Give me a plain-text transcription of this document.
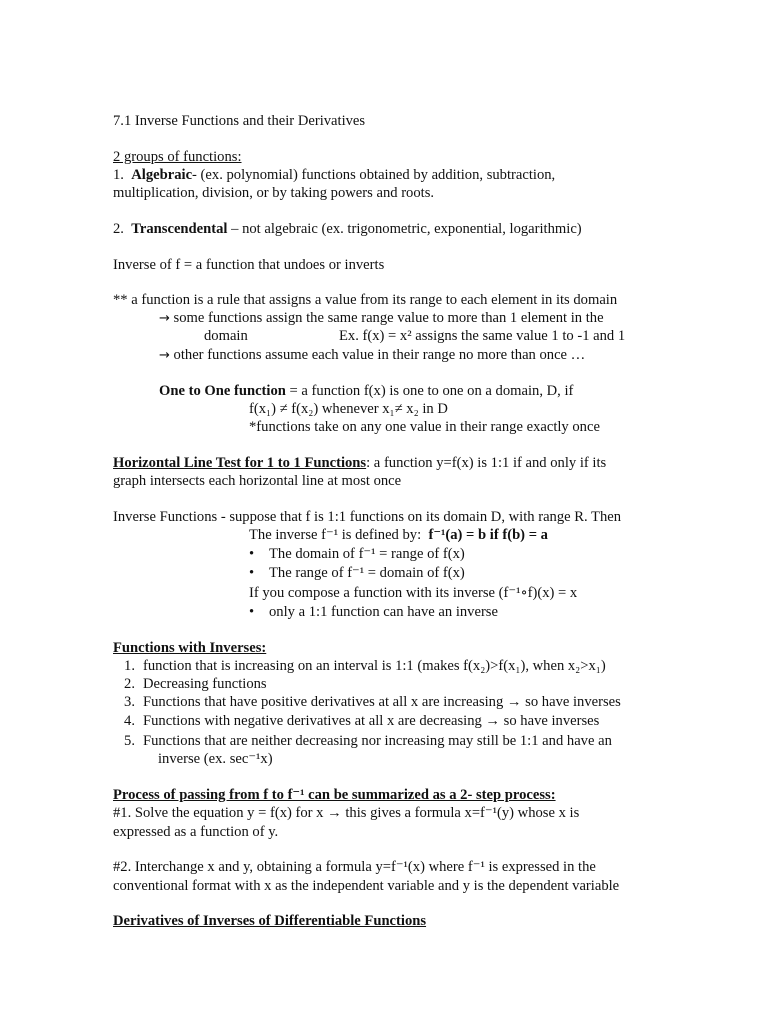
7.1 Inverse Functions and their Derivatives
2 groups of functions:
1. Algebraic- (ex. polynomial) functions obtained by addition, subtraction,
multiplication, division, or by taking powers and roots.
2. Transcendental – not algebraic (ex. trigonometric, exponential, logarithmic)
Inverse of f = a function that undoes or inverts
** a function is a rule that assigns a value from its range to each element in its domain
→ some functions assign the same range value to more than 1 element in the
domain	Ex. f(x) = x² assigns the same value 1 to -1 and 1
→ other functions assume each value in their range no more than once …
One to One function = a function f(x) is one to one on a domain, D, if
f(x₁) ≠ f(x₂) whenever x₁≠ x₂ in D
*functions take on any one value in their range exactly once
Horizontal Line Test for 1 to 1 Functions: a function y=f(x) is 1:1 if and only if its
graph intersects each horizontal line at most once
Inverse Functions - suppose that f is 1:1 functions on its domain D, with range R. Then
The inverse f⁻¹ is defined by: f⁻¹(a) = b if f(b) = a
• The domain of f⁻¹ = range of f(x)
• The range of f⁻¹ = domain of f(x)
If you compose a function with its inverse (f⁻¹∘f)(x) = x
• only a 1:1 function can have an inverse
Functions with Inverses:
1. function that is increasing on an interval is 1:1 (makes f(x₂)>f(x₁), when x₂>x₁)
2. Decreasing functions
3. Functions that have positive derivatives at all x are increasing → so have inverses
4. Functions with negative derivatives at all x are decreasing → so have inverses
5. Functions that are neither decreasing nor increasing may still be 1:1 and have an
inverse (ex. sec⁻¹x)
Process of passing from f to f⁻¹ can be summarized as a 2- step process:
#1. Solve the equation y = f(x) for x → this gives a formula x=f⁻¹(y) whose x is
expressed as a function of y.
#2. Interchange x and y, obtaining a formula y=f⁻¹(x) where f⁻¹ is expressed in the
conventional format with x as the independent variable and y is the dependent variable
Derivatives of Inverses of Differentiable Functions
